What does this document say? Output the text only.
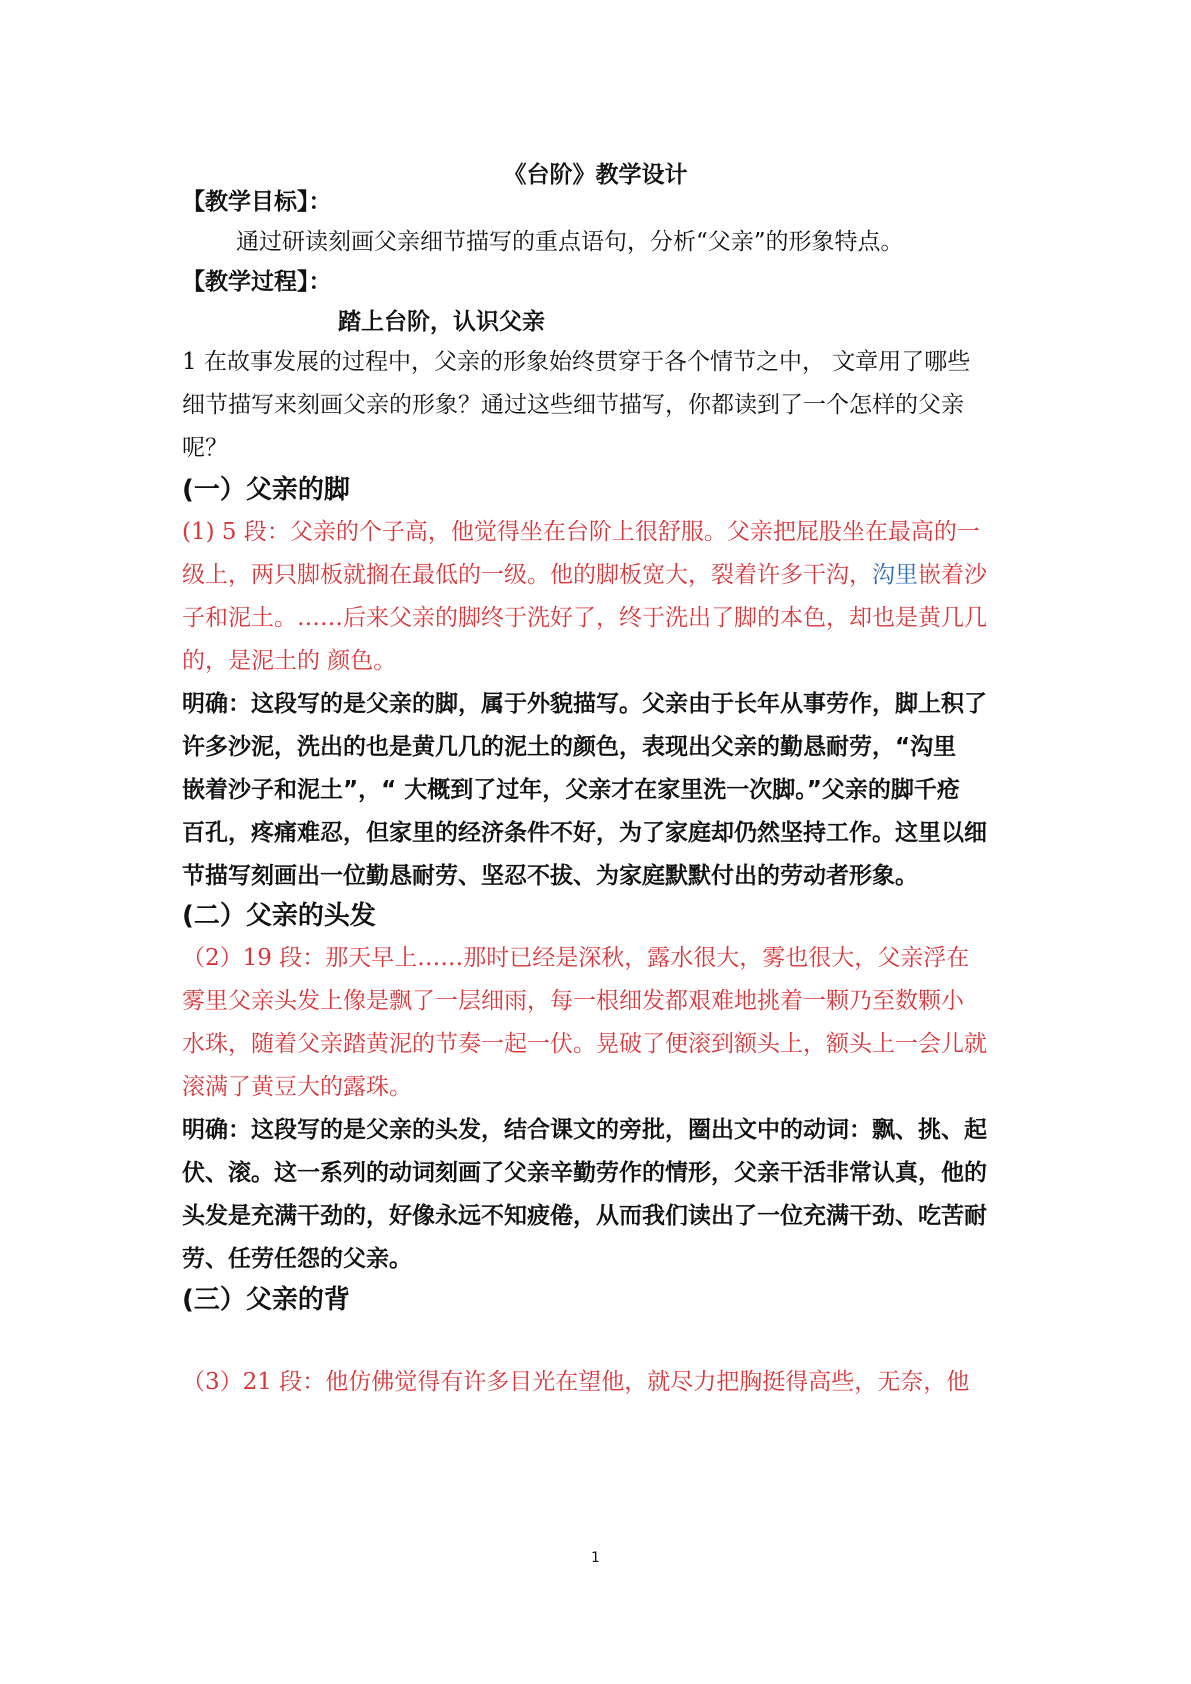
《台阶》教学设计
【教学目标】：
通过研读刻画父亲细节描写的重点语句，分析“父亲”的形象特点。
【教学过程】：
踏上台阶，认识父亲
1 在故事发展的过程中，父亲的形象始终贯穿于各个情节之中， 文章用了哪些
细节描写来刻画父亲的形象？通过这些细节描写，你都读到了一个怎样的父亲
呢？
(一）父亲的脚
(1) 5 段：父亲的个子高，他觉得坐在台阶上很舒服。父亲把屁股坐在最高的一
级上，两只脚板就搁在最低的一级。他的脚板宽大，裂着许多干沟，沟里嵌着沙
子和泥土。……后来父亲的脚终于洗好了，终于洗出了脚的本色，却也是黄几几
的，是泥土的 颜色。
明确：这段写的是父亲的脚，属于外貌描写。父亲由于长年从事劳作，脚上积了
许多沙泥，洗出的也是黄几几的泥土的颜色，表现出父亲的勤恳耐劳，“沟里
嵌着沙子和泥土”，“ 大概到了过年，父亲才在家里洗一次脚。”父亲的脚千疮
百孔，疼痛难忍，但家里的经济条件不好，为了家庭却仍然坚持工作。这里以细
节描写刻画出一位勤恳耐劳、坚忍不拔、为家庭默默付出的劳动者形象。
(二）父亲的头发
（2）19 段：那天早上……那时已经是深秋，露水很大，雾也很大，父亲浮在
雾里父亲头发上像是飘了一层细雨，每一根细发都艰难地挑着一颗乃至数颗小
水珠，随着父亲踏黄泥的节奏一起一伏。晃破了便滚到额头上，额头上一会儿就
滚满了黄豆大的露珠。
明确：这段写的是父亲的头发，结合课文的旁批，圈出文中的动词：飘、挑、起
伏、滚。这一系列的动词刻画了父亲辛勤劳作的情形，父亲干活非常认真，他的
头发是充满干劲的，好像永远不知疲倦，从而我们读出了一位充满干劲、吃苦耐
劳、任劳任怨的父亲。
(三）父亲的背
（3）21 段：他仿佛觉得有许多目光在望他，就尽力把胸挺得高些，无奈，他
1
